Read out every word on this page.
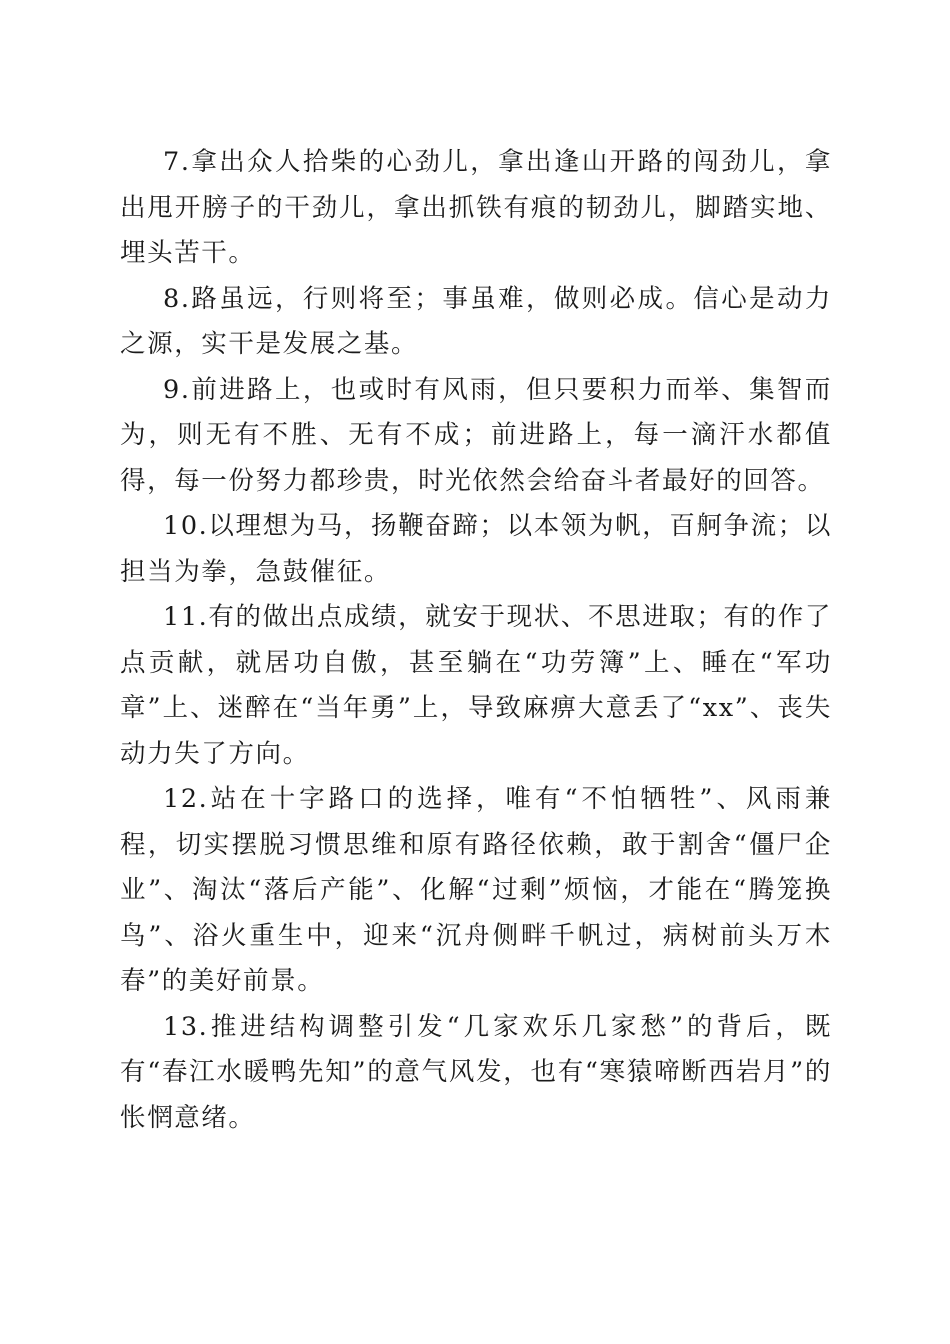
7.拿出众人拾柴的心劲儿，拿出逢山开路的闯劲儿，拿出甩开膀子的干劲儿，拿出抓铁有痕的韧劲儿，脚踏实地、埋头苦干。

8.路虽远，行则将至；事虽难，做则必成。信心是动力之源，实干是发展之基。

9.前进路上，也或时有风雨，但只要积力而举、集智而为，则无有不胜、无有不成；前进路上，每一滴汗水都值得，每一份努力都珍贵，时光依然会给奋斗者最好的回答。

10.以理想为马，扬鞭奋蹄；以本领为帆，百舸争流；以担当为拳，急鼓催征。

11.有的做出点成绩，就安于现状、不思进取；有的作了点贡献，就居功自傲，甚至躺在“功劳簿”上、睡在“军功章”上、迷醉在“当年勇”上，导致麻痹大意丢了“xx”、丧失动力失了方向。

12.站在十字路口的选择，唯有“不怕牺牲”、风雨兼程，切实摆脱习惯思维和原有路径依赖，敢于割舍“僵尸企业”、淘汰“落后产能”、化解“过剩”烦恼，才能在“腾笼换鸟”、浴火重生中，迎来“沉舟侧畔千帆过，病树前头万木春”的美好前景。

13.推进结构调整引发“几家欢乐几家愁”的背后，既有“春江水暖鸭先知”的意气风发，也有“寒猿啼断西岩月”的怅惘意绪。
